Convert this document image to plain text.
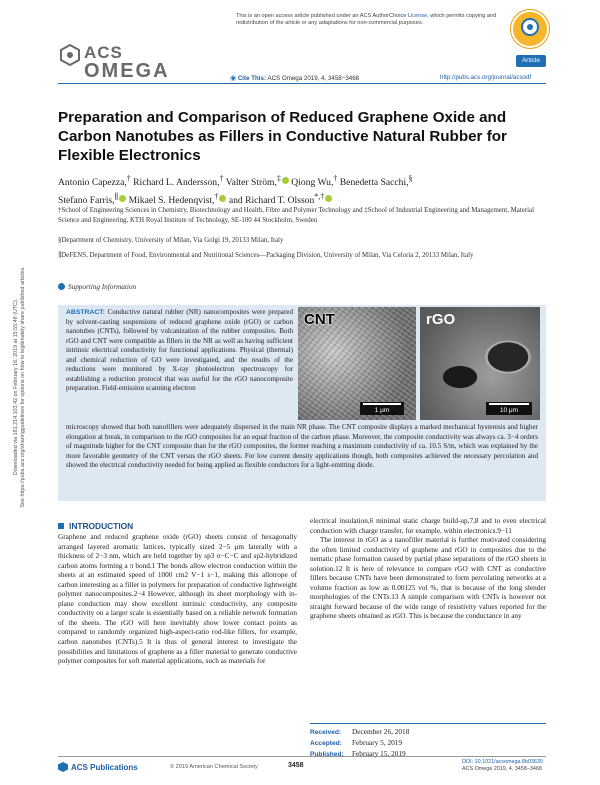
Downloaded via 181.214.103.42 on February 16, 2019 at 15:55:48 (UTC). See https://pubs.acs.org/sharingguidelines for options on how to legitimately share published articles.
This is an open access article published under an ACS AuthorChoice License, which permits copying and redistribution of the article or any adaptations for non-commercial purposes.
Article
ACS
OMEGA	◉ Cite This: ACS Omega 2019, 4, 3458−3468	http://pubs.acs.org/journal/acsodf
Preparation and Comparison of Reduced Graphene Oxide and Carbon Nanotubes as Fillers in Conductive Natural Rubber for Flexible Electronics
Antonio Capezza,† Richard L. Andersson,† Valter Ström,‡ Qiong Wu,† Benedetta Sacchi,§
Stefano Farris,∥ Mikael S. Hedenqvist,† and Richard T. Olsson*,†
†School of Engineering Sciences in Chemistry, Biotechnology and Health, Fibre and Polymer Technology and ‡School of Industrial Engineering and Management, Material Science and Engineering, KTH Royal Institute of Technology, SE-100 44 Stockholm, Sweden
§Department of Chemistry, University of Milan, Via Golgi 19, 20133 Milan, Italy
∥DeFENS, Department of Food, Environmental and Nutritional Sciences—Packaging Division, University of Milan, Via Celoria 2, 20133 Milan, Italy
Supporting Information
ABSTRACT: Conductive natural rubber (NR) nanocomposites were prepared by solvent-casting suspensions of reduced graphene oxide (rGO) or carbon nanotubes (CNTs), followed by vulcanization of the rubber composites. Both rGO and CNT were compatible as fillers in the NR as well as having sufficient intrinsic electrical conductivity for functional applications. Physical (thermal) and chemical reduction of GO were investigated, and the results of the reductions were monitored by X-ray photoelectron spectroscopy for establishing a reduction protocol that was useful for the rGO nanocomposite preparation. Field-emission scanning electron
CNT
1 μm
rGO
10 μm
microscopy showed that both nanofillers were adequately dispersed in the main NR phase. The CNT composite displays a marked mechanical hysteresis and higher elongation at break, in comparison to the rGO composites for an equal fraction of the carbon phase. Moreover, the composite conductivity was always ca. 3−4 orders of magnitude higher for the CNT composite than for the rGO composites, the former reaching a maximum conductivity of ca. 10.5 S/m, which was explained by the more favorable geometry of the CNT versus the rGO sheets. For low current density applications though, both composites achieved the necessary percolation and showed the electrical conductivity needed for being applied as flexible conductors for a light-emitting diode.
INTRODUCTION

Graphene and reduced graphene oxide (rGO) sheets consist of hexagonally arranged layered aromatic lattices, typically sized 2−5 μm laterally with a thickness of 2−3 nm, which are held together by sp3 σ−C−C and sp2-hybridized carbon atoms forming a π bond.1 The bonds allow electron conduction within the sheets at an estimated speed of 1000 cm2 V−1 s−1, making this allotrope of carbon interesting as a filler in polymers for preparation of conductive lightweight polymer nanocomposites.2−4 However, although its sheet morphology with in-plane conduction may show excellent intrinsic conductivity, any composite conductivity on a larger scale is essentially based on a reliable network formation of the sheets. The rGO will here inevitably show lower contact points as compared to randomly organized high-aspect-ratio rod-like fillers, for example, carbon nanotubes (CNTs).5 It is thus of general interest to investigate the possibilities and limitations of graphene as a filler material to generate conductive polymer composites for soft material applications, such as materials for

electrical insulation,6 minimal static charge build-up,7,8 and to even electrical conduction with charge transfer, for example, within electronics.9−11

The interest in rGO as a nanofiller material is further motivated considering the often limited conductivity of graphene and rGO in composites due to the nematic phase formation caused by partial phase separations of the rGO sheets in solution.12 It is here of relevance to compare rGO with CNT as conductive fillers because CNTs have been demonstrated to form percolating networks at a volume fraction as low as 0.00125 vol %, that is because of the long slender morphologies of the CNTs.13 A simple comparison with CNTs is however not straight forward because of the wide range of resistivity values reported for the graphene sheets obtained as rGO. This is because the conductance in any

Received: December 26, 2018
Accepted: February 5, 2019
Published: February 15, 2019
ACS Publications	© 2019 American Chemical Society	3458	DOI: 10.1021/acsomega.8b03630
ACS Omega 2019, 4, 3458−3468
